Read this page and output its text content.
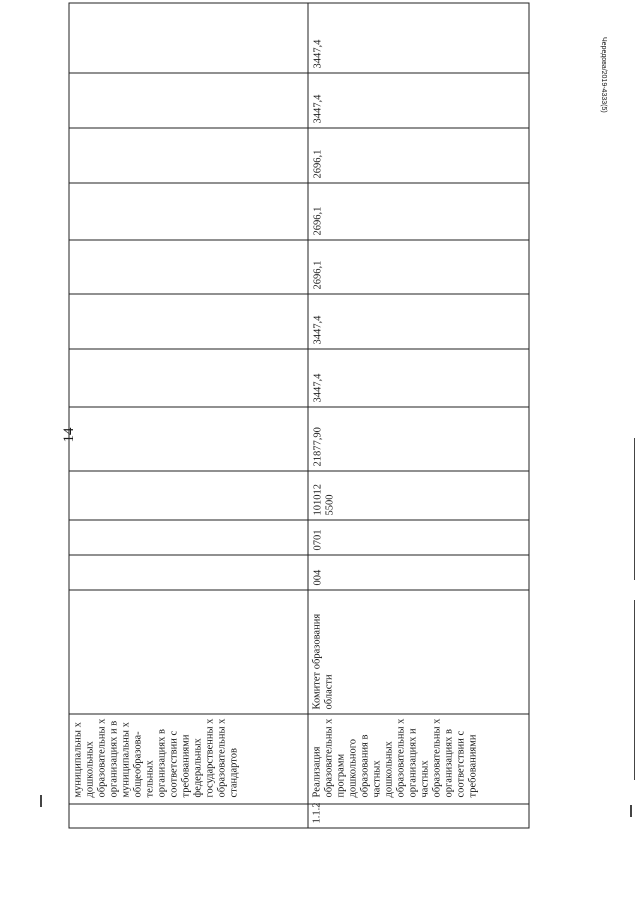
14
Чередова/2019-4333(5)
	муниципальны х дошкольных образовательны х организациях и в муниципальны х общеобразова-тельных организациях в соответствии с требованиями федеральных государственны х образовательны х стандартов												
1.1.2	Реализация образовательны х программ дошкольного образования в частных дошкольных образовательны х организациях и частных образовательны х организациях в соответствии с требованиями	Комитет образования области	004	0701	101012 5500	21877,90	3447,4	3447,4	2696,1	2696,1	2696,1	3447,4	3447,4
